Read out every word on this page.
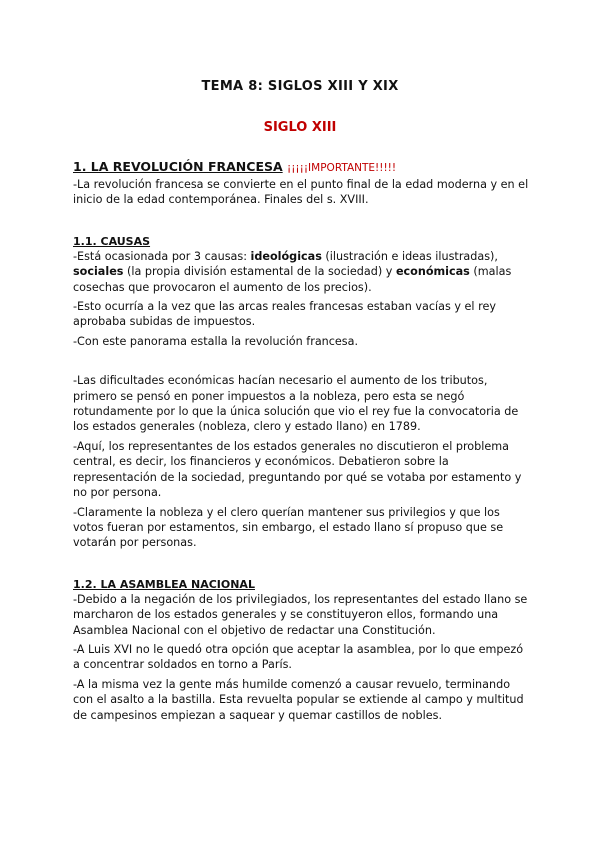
TEMA 8: SIGLOS XIII Y XIX
SIGLO XIII
1. LA REVOLUCIÓN FRANCESA ¡¡¡¡¡IMPORTANTE!!!!!

-La revolución francesa se convierte en el punto final de la edad moderna y en el inicio de la edad contemporánea. Finales del s. XVIII.

1.1. CAUSAS

-Está ocasionada por 3 causas: ideológicas (ilustración e ideas ilustradas), sociales (la propia división estamental de la sociedad) y económicas (malas cosechas que provocaron el aumento de los precios).

-Esto ocurría a la vez que las arcas reales francesas estaban vacías y el rey aprobaba subidas de impuestos.

-Con este panorama estalla la revolución francesa.

-Las dificultades económicas hacían necesario el aumento de los tributos, primero se pensó en poner impuestos a la nobleza, pero esta se negó rotundamente por lo que la única solución que vio el rey fue la convocatoria de los estados generales (nobleza, clero y estado llano) en 1789.

-Aquí, los representantes de los estados generales no discutieron el problema central, es decir, los financieros y económicos. Debatieron sobre la representación de la sociedad, preguntando por qué se votaba por estamento y no por persona.

-Claramente la nobleza y el clero querían mantener sus privilegios y que los votos fueran por estamentos, sin embargo, el estado llano sí propuso que se votarán por personas.

1.2. LA ASAMBLEA NACIONAL

-Debido a la negación de los privilegiados, los representantes del estado llano se marcharon de los estados generales y se constituyeron ellos, formando una Asamblea Nacional con el objetivo de redactar una Constitución.

-A Luis XVI no le quedó otra opción que aceptar la asamblea, por lo que empezó a concentrar soldados en torno a París.

-A la misma vez la gente más humilde comenzó a causar revuelo, terminando con el asalto a la bastilla. Esta revuelta popular se extiende al campo y multitud de campesinos empiezan a saquear y quemar castillos de nobles.
